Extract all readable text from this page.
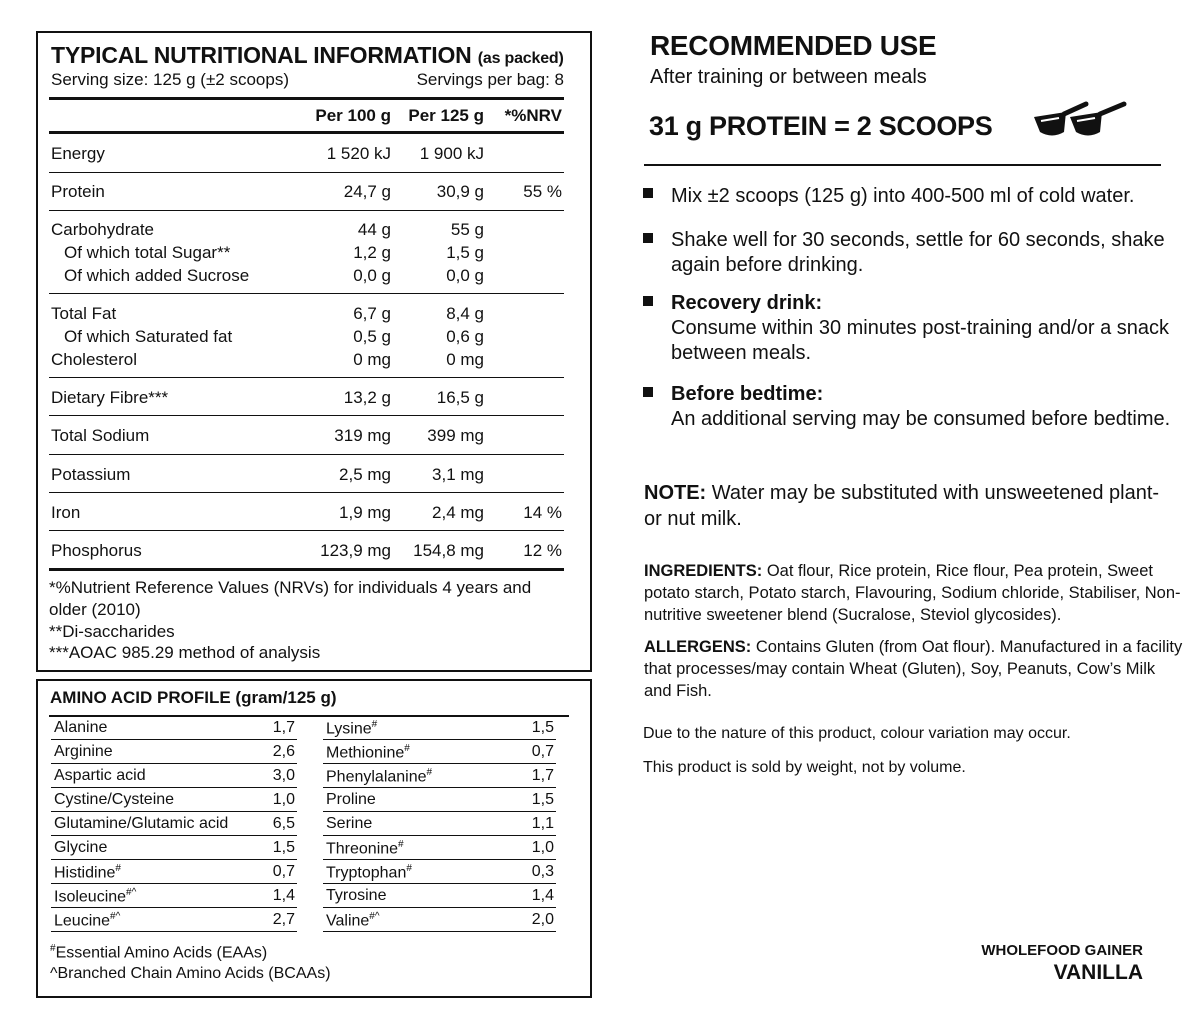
TYPICAL NUTRITIONAL INFORMATION (as packed)
Serving size: 125 g (±2 scoops)	Servings per bag: 8
Per 100 g Per 125 g *%NRV
Energy	1 520 kJ 1 900 kJ
Protein	24,7 g	30,9 g 55 %
Carbohydrate	44 g	55 g
Of which total Sugar**	1,2 g	1,5 g
Of which added Sucrose	0,0 g	0,0 g
Total Fat	6,7 g	8,4 g
Of which Saturated fat	0,5 g	0,6 g
Cholesterol	0 mg	0 mg
Dietary Fibre***	13,2 g	16,5 g
Total Sodium	319 mg 399 mg
Potassium	2,5 mg 3,1 mg
Iron	1,9 mg 2,4 mg 14 %
Phosphorus	123,9 mg 154,8 mg 12 %
*%Nutrient Reference Values (NRVs) for individuals 4 years and
older (2010)
**Di-saccharides
***AOAC 985.29 method of analysis
AMINO ACID PROFILE (gram/125 g)
Alanine	1,7
Arginine	2,6
Aspartic acid	3,0
Cystine/Cysteine	1,0
Glutamine/Glutamic acid	6,5
Glycine	1,5
Histidine#	0,7
Isoleucine#^	1,4
Leucine#^	2,7
Lysine#	1,5
Methionine#	0,7
Phenylalanine#	1,7
Proline	1,5
Serine	1,1
Threonine#	1,0
Tryptophan#	0,3
Tyrosine	1,4
Valine#^	2,0
#Essential Amino Acids (EAAs)
^Branched Chain Amino Acids (BCAAs)
RECOMMENDED USE
After training or between meals
31 g PROTEIN = 2 SCOOPS
Mix ±2 scoops (125 g) into 400-500 ml of cold water.
Shake well for 30 seconds, settle for 60 seconds, shake again before drinking.
Recovery drink:
Consume within 30 minutes post-training and/or a snack between meals.
Before bedtime:
An additional serving may be consumed before bedtime.
NOTE: Water may be substituted with unsweetened plant- or nut milk.
INGREDIENTS: Oat flour, Rice protein, Rice flour, Pea protein, Sweet potato starch, Potato starch, Flavouring, Sodium chloride, Stabiliser, Non-nutritive sweetener blend (Sucralose, Steviol glycosides).
ALLERGENS: Contains Gluten (from Oat flour). Manufactured in a facility that processes/may contain Wheat (Gluten), Soy, Peanuts, Cow’s Milk and Fish.
Due to the nature of this product, colour variation may occur.
This product is sold by weight, not by volume.
WHOLEFOOD GAINER
VANILLA
